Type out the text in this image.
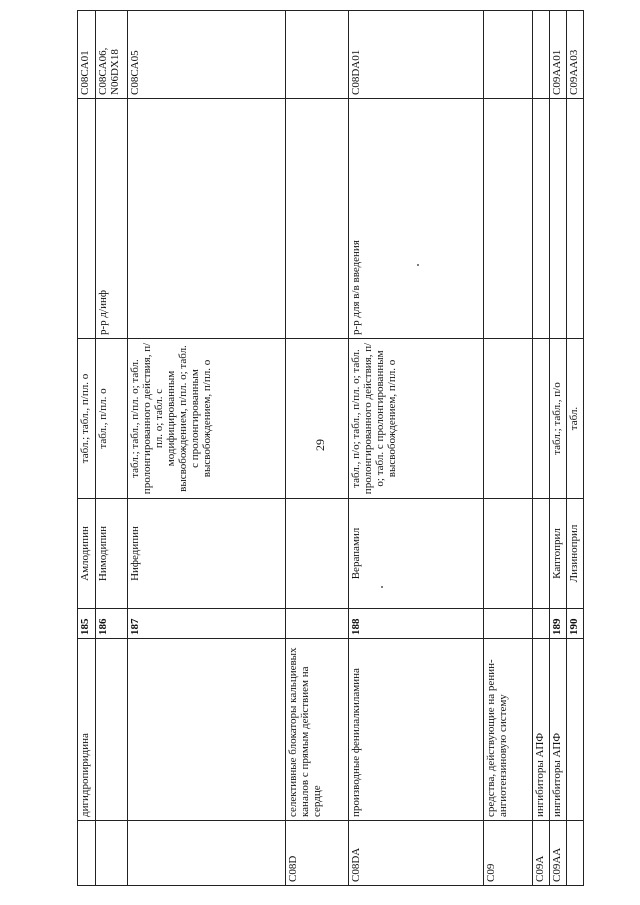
29
	дигидропиридина	185	Амлодипин	табл.; табл., п/пл. о		C08CA01
		186	Нимодипин	табл., п/пл. о	р-р д/инф	C08CA06, N06DX18
		187	Нифедипин	табл.; табл., п/пл. о; табл. пролонгированного действия, п/пл. о; табл. с модифицированным высвобождением, п/пл. о; табл. с пролонгированным высвобождением, п/пл. о		C08CA05
C08D	селективные блокаторы кальциевых каналов с прямым действием на сердце					
C08DA	производные фенилалкиламина	188	Верапамил	табл., п/о; табл., п/пл. о; табл. пролонгированного действия, п/о; табл. с пролонгированным высвобождением, п/пл. о	р-р для в/в введения	C08DA01
C09	средства, действующие на ренин-ангиотензиновую систему					
C09A	ингибиторы АПФ					
C09AA	ингибиторы АПФ	189	Каптоприл	табл.; табл., п/о		C09AA01
		190	Лизиноприл	табл.		C09AA03
